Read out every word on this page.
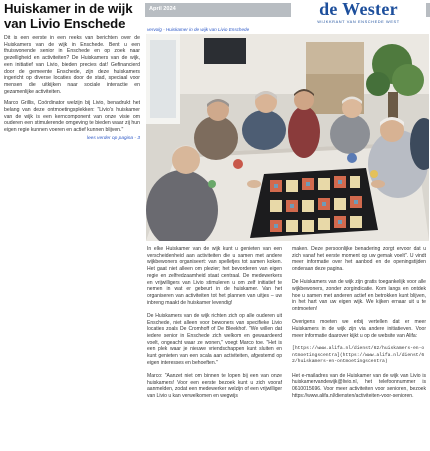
Huiskamer in de wijk van Livio Enschede

Dit is een eerste in een reeks van berichten over de Huiskamers van de wijk in Enschede. Bent u een thuiswonende senior in Enschede en op zoek naar gezelligheid en activiteiten? De Huiskamers van de wijk, een initiatief van Livio, bieden precies dat! Gefinancierd door de gemeente Enschede, zijn deze huiskamers ingericht op diverse locaties door de stad, speciaal voor mensen die uitkijken naar sociale interactie en gezamenlijke activiteiten.

Marco Grillis, Coördinator welzijn bij Livio, benadrukt het belang van deze ontmoetingsplekken: "Livio's huiskamer van de wijk is een kerncomponent van onze visie om ouderen een stimulerende omgeving te bieden waar zij hun eigen regie kunnen voeren en actief kunnen blijven."

lees verder op pagina - 3
April 2024	de Wester
WIJKKRANT VAN ENSCHEDE WEST
vervolg - Huiskamer in de wijk van Livio Enschede

In elke Huiskamer van de wijk kunt u genieten van een verscheidenheid aan activiteiten die u samen met andere wijkbewoners organiseert: van spelletjes tot samen koken. Het gaat niet alleen om plezier; het bevorderen van eigen regie en zelfredzaamheid staat centraal. De medewerkers en vrijwilligers van Livio stimuleren u om zelf initiatief te nemen in wat er gebeurt in de huiskamer. Van het organiseren van activiteiten tot het plannen van uitjes – uw inbreng maakt de huiskamer levendig!

De Huiskamers van de wijk richten zich op alle ouderen uit Enschede, niet alleen voor bewoners van specifieke Livio locaties zoals De Cromhoff of De Bleekhof. "We willen dat iedere senior in Enschede zich welkom en gewaardeerd voelt, ongeacht waar ze wonen," voegt Marco toe. "Het is een plek waar je nieuwe vriendschappen kunt sluiten en kunt genieten van een scala aan activiteiten, afgestemd op eigen interesses en behoeften."

Marco: "Aanzet niet om binnen te lopen bij een van onze huiskamers! Voor een eerste bezoek kunt u zich vooraf aanmelden, zodat een medewerker welzijn of een vrijwilliger van Livio u kan verwelkomen en wegwijs

maken. Deze persoonlijke benadering zorgt ervoor dat u zich vanaf het eerste moment op uw gemak voelt". U vindt meer informatie over het aanbod en de openingstijden onderaan deze pagina.

De Huiskamers van de wijk zijn gratis toegankelijk voor alle wijkbewoners, zonder zorgindicatie. Kom langs en ontdek hoe u samen met anderen actief en betrokken kunt blijven, in het hart van uw eigen wijk. We kijken ernaar uit u te ontmoeten!

Overigens moeten we erbij vertellen dat er meer Huiskamers in de wijk zijn via andere initiatieven. Voor meer informatie daarover kijkt u op de website van Alifa:

[https://www.alifa.nl/dienst/62/huiskamers-en-ontmoetingscentra](https://www.alifa.nl/dienst/62/huiskamers-en-ontmoetingscentra)

Het e-mailadres van de Huiskamer van de wijk van Livio is huiskamervandewijk@livio.nl, het telefoonnummer is 0610015696. Voor meer activiteiten voor senioren, bezoek https://www.alifa.nl/diensten/activiteiten-voor-senioren.
